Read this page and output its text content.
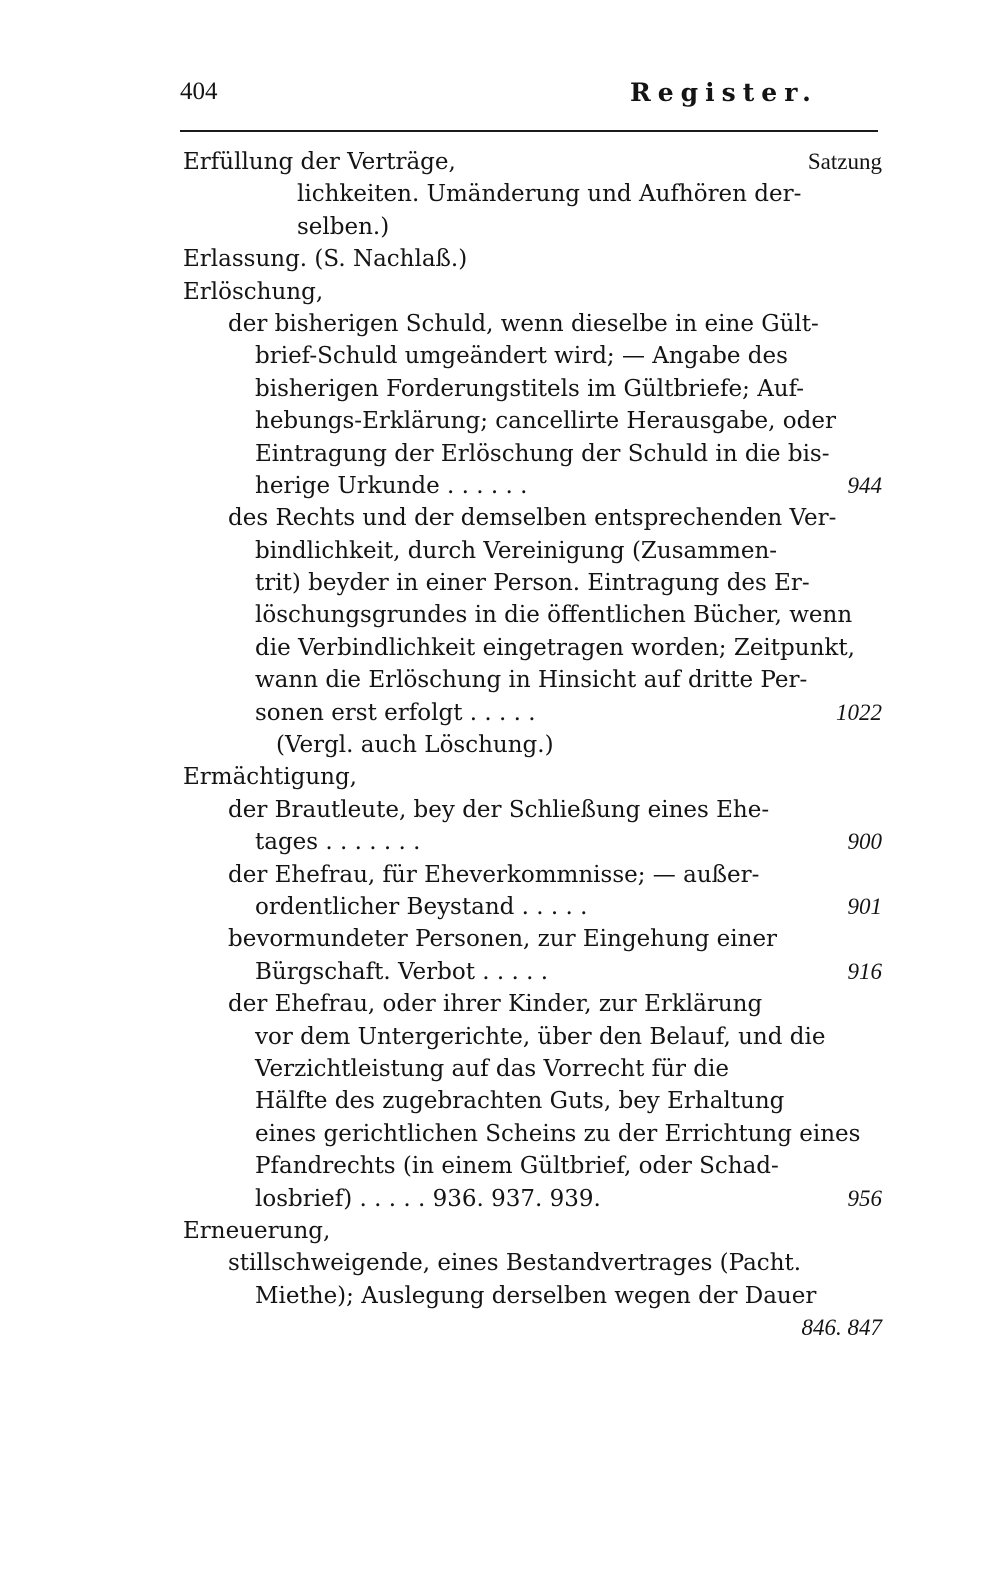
404	Register.
Erfüllung der Verträge,	Satzung
lichkeiten. Umänderung und Aufhören der-
selben.)
Erlassung. (S. Nachlaß.)
Erlöschung,
der bisherigen Schuld, wenn dieselbe in eine Gült-
brief-Schuld umgeändert wird; — Angabe des
bisherigen Forderungstitels im Gültbriefe; Auf-
hebungs-Erklärung; cancellirte Herausgabe, oder
Eintragung der Erlöschung der Schuld in die bis-
herige Urkunde . . . . . .	944
des Rechts und der demselben entsprechenden Ver-
bindlichkeit, durch Vereinigung (Zusammen-
trit) beyder in einer Person. Eintragung des Er-
löschungsgrundes in die öffentlichen Bücher, wenn
die Verbindlichkeit eingetragen worden; Zeitpunkt,
wann die Erlöschung in Hinsicht auf dritte Per-
sonen erst erfolgt . . . . .	1022
(Vergl. auch Löschung.)
Ermächtigung,
der Brautleute, bey der Schließung eines Ehe-
tages . . . . . . .	900
der Ehefrau, für Eheverkommnisse; — außer-
ordentlicher Beystand . . . . .	901
bevormundeter Personen, zur Eingehung einer
Bürgschaft. Verbot . . . . .	916
der Ehefrau, oder ihrer Kinder, zur Erklärung
vor dem Untergerichte, über den Belauf, und die
Verzichtleistung auf das Vorrecht für die
Hälfte des zugebrachten Guts, bey Erhaltung
eines gerichtlichen Scheins zu der Errichtung eines
Pfandrechts (in einem Gültbrief, oder Schad-
losbrief) . . . . . 936. 937. 939.	956
Erneuerung,
stillschweigende, eines Bestandvertrages (Pacht.
Miethe); Auslegung derselben wegen der Dauer
846. 847
